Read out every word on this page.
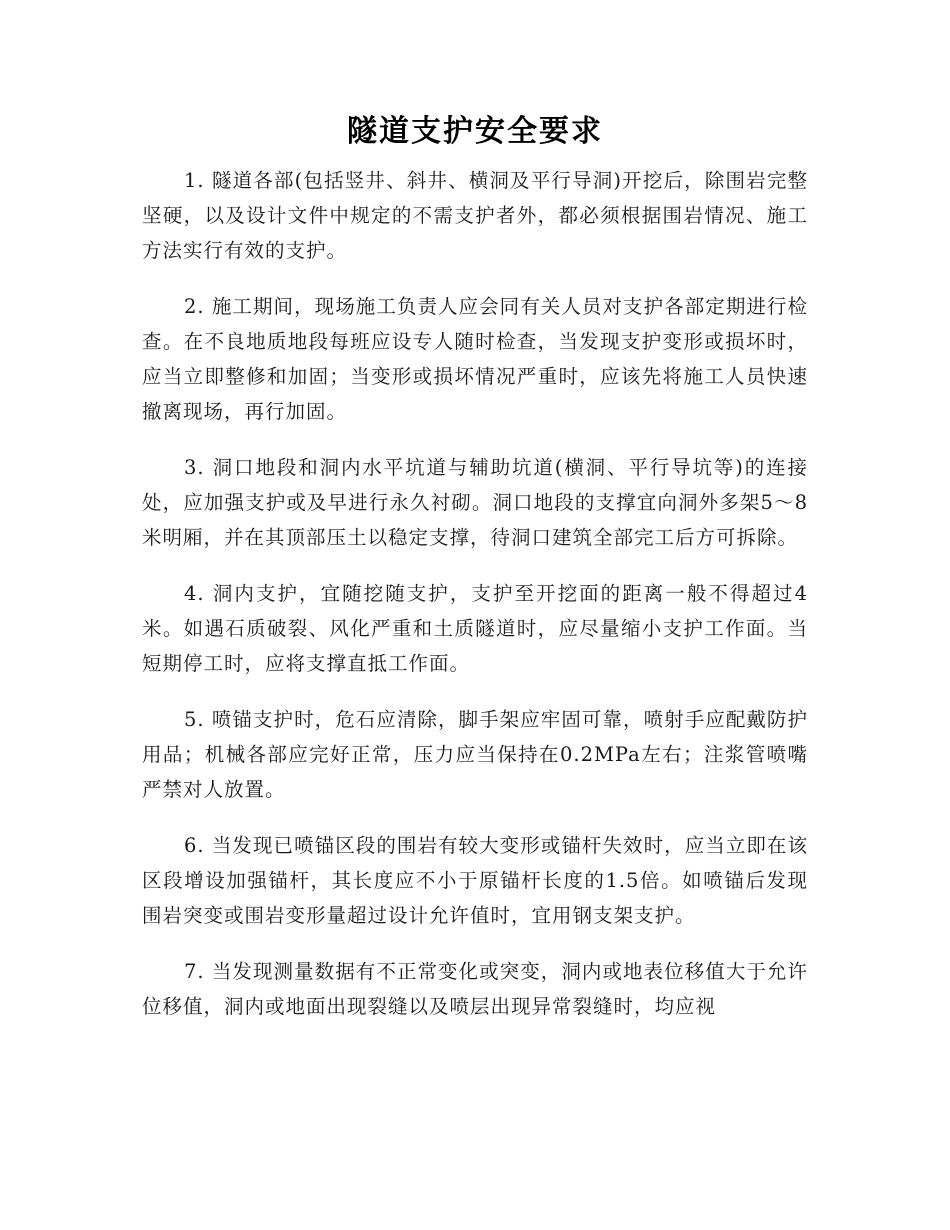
隧道支护安全要求

1. 隧道各部(包括竖井、斜井、横洞及平行导洞)开挖后，除围岩完整坚硬，以及设计文件中规定的不需支护者外，都必须根据围岩情况、施工方法实行有效的支护。

2. 施工期间，现场施工负责人应会同有关人员对支护各部定期进行检查。在不良地质地段每班应设专人随时检查，当发现支护变形或损坏时，应当立即整修和加固；当变形或损坏情况严重时，应该先将施工人员快速撤离现场，再行加固。

3. 洞口地段和洞内水平坑道与辅助坑道(横洞、平行导坑等)的连接处，应加强支护或及早进行永久衬砌。洞口地段的支撑宜向洞外多架5～8米明厢，并在其顶部压土以稳定支撑，待洞口建筑全部完工后方可拆除。

4. 洞内支护，宜随挖随支护，支护至开挖面的距离一般不得超过4米。如遇石质破裂、风化严重和土质隧道时，应尽量缩小支护工作面。当短期停工时，应将支撑直抵工作面。

5. 喷锚支护时，危石应清除，脚手架应牢固可靠，喷射手应配戴防护用品；机械各部应完好正常，压力应当保持在0.2MPa左右；注浆管喷嘴严禁对人放置。

6. 当发现已喷锚区段的围岩有较大变形或锚杆失效时，应当立即在该区段增设加强锚杆，其长度应不小于原锚杆长度的1.5倍。如喷锚后发现围岩突变或围岩变形量超过设计允许值时，宜用钢支架支护。

7. 当发现测量数据有不正常变化或突变，洞内或地表位移值大于允许位移值，洞内或地面出现裂缝以及喷层出现异常裂缝时，均应视
